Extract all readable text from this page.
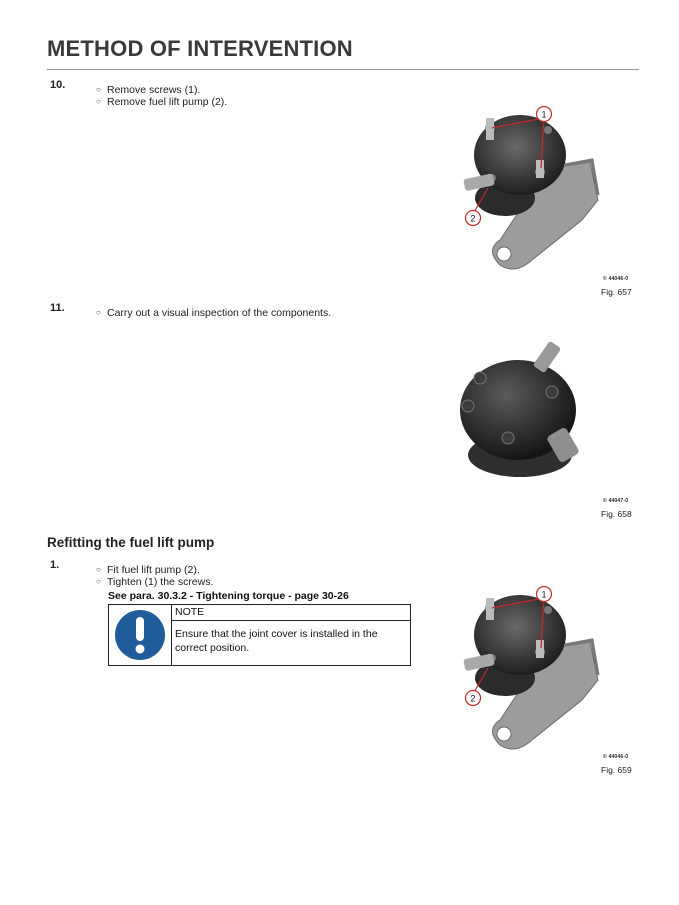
METHOD OF INTERVENTION
10.	○ Remove screws (1).
○ Remove fuel lift pump (2).
1
2
© 44046-0
Fig. 657
11.	○ Carry out a visual inspection of the components.
© 44047-0
Fig. 658
Refitting the fuel lift pump
1.	○ Fit fuel lift pump (2).
○ Tighten (1) the screws.
See para. 30.3.2 - Tightening torque - page 30-26
NOTE
Ensure that the joint cover is installed in the correct position.
1
2
© 44046-0
Fig. 659
